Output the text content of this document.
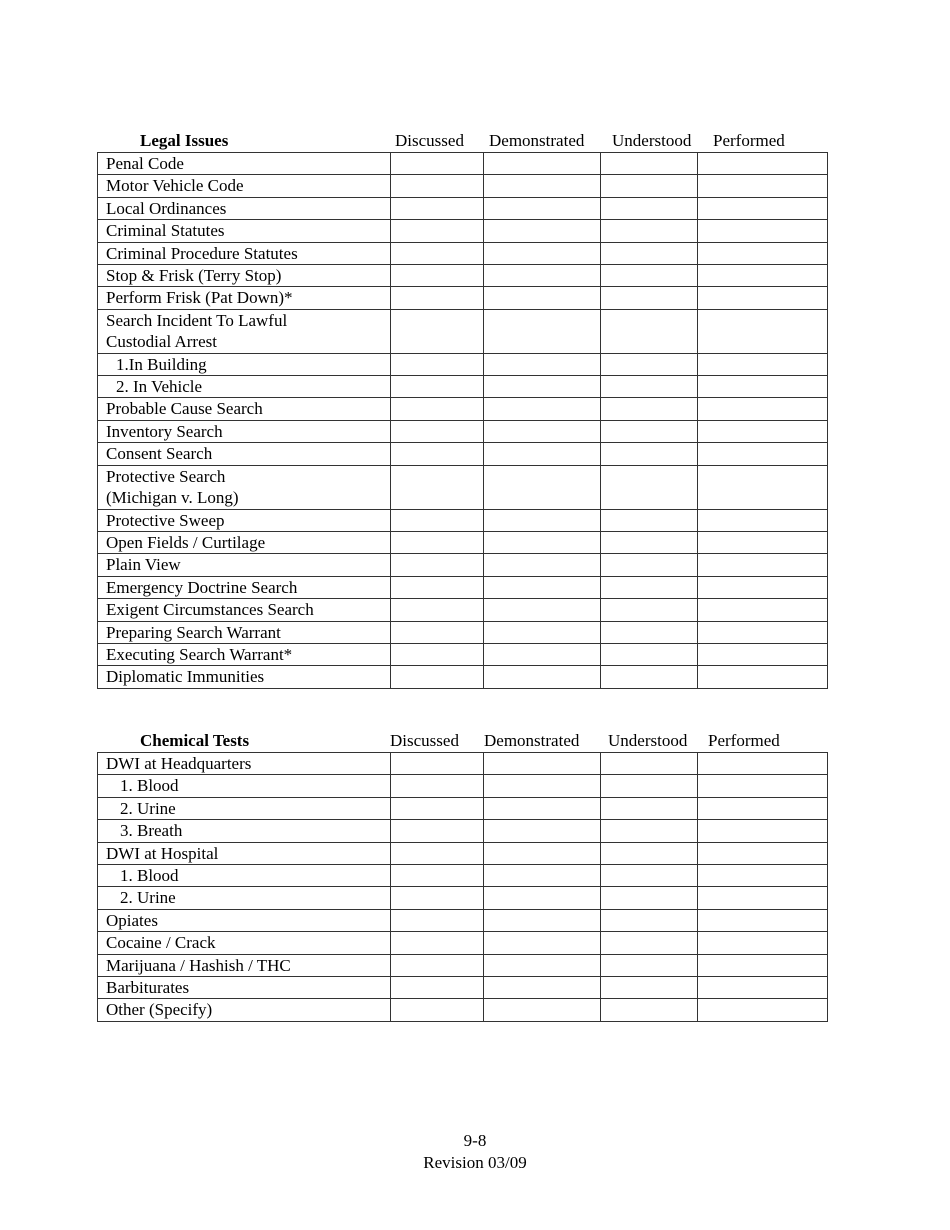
Legal Issues	Discussed Demonstrated Understood Performed
Penal Code				
Motor Vehicle Code				
Local Ordinances				
Criminal Statutes				
Criminal Procedure Statutes				
Stop & Frisk (Terry Stop)				
Perform Frisk (Pat Down)*				

Search Incident To Lawful
Custodial Arrest				

1.In Building				
2. In Vehicle				
Probable Cause Search				
Inventory Search				
Consent Search				

Protective Search
(Michigan v. Long)				

Protective Sweep				
Open Fields / Curtilage				
Plain View				
Emergency Doctrine Search				
Exigent Circumstances Search				
Preparing Search Warrant				
Executing Search Warrant*				
Diplomatic Immunities				
Chemical Tests	Discussed Demonstrated Understood Performed
DWI at Headquarters				
1. Blood				
2. Urine				
3. Breath				
DWI at Hospital				
1. Blood				
2. Urine				
Opiates				
Cocaine / Crack				
Marijuana / Hashish / THC				
Barbiturates				
Other (Specify)				
9-8
Revision 03/09
